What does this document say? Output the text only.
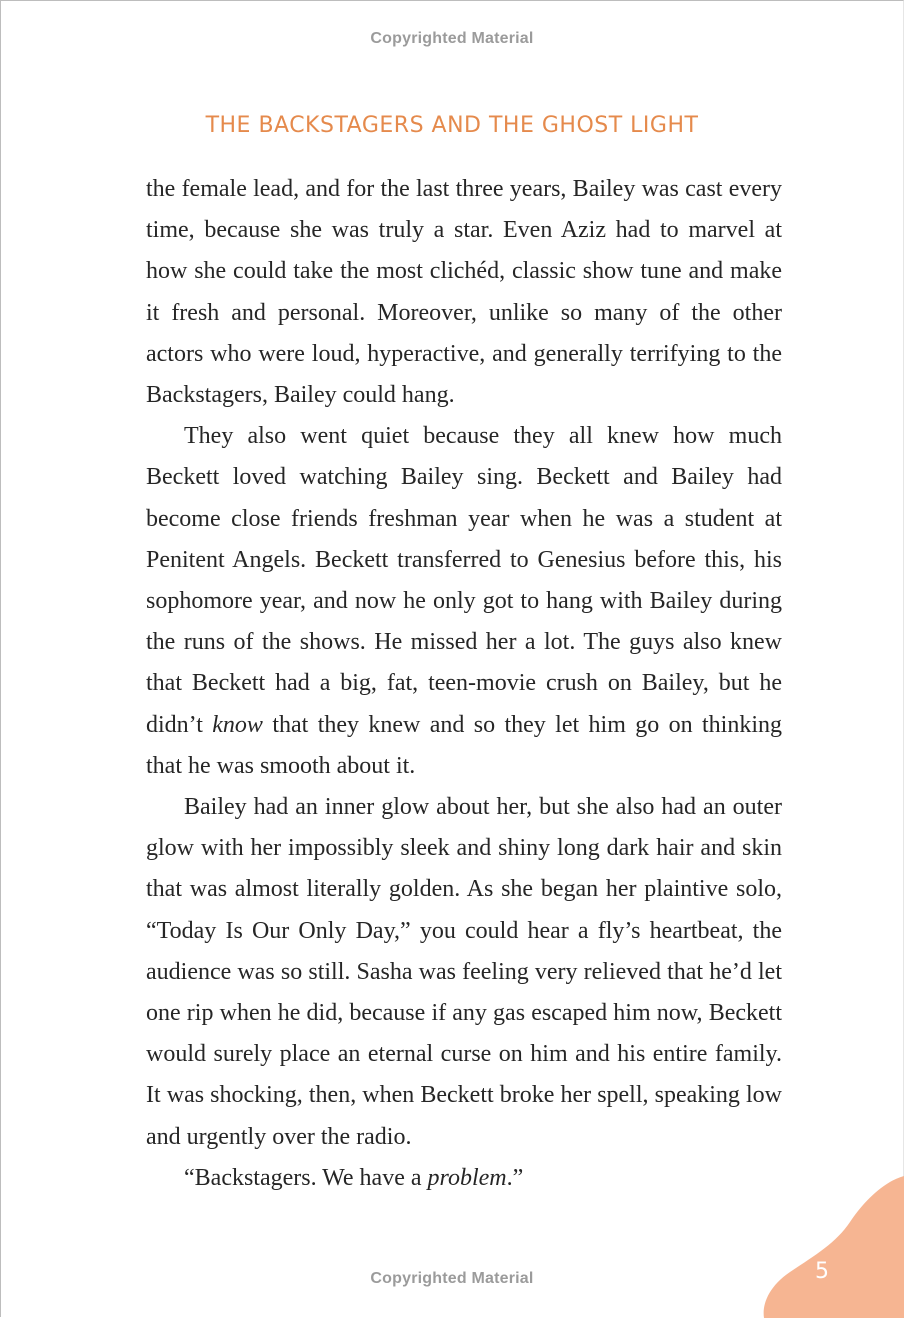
Copyrighted Material
THE BACKSTAGERS AND THE GHOST LIGHT

the female lead, and for the last three years, Bailey was cast every time, because she was truly a star. Even Aziz had to marvel at how she could take the most clichéd, classic show tune and make it fresh and personal. Moreover, unlike so many of the other actors who were loud, hyperactive, and generally terrifying to the Backstagers, Bailey could hang.

They also went quiet because they all knew how much Beckett loved watching Bailey sing. Beckett and Bailey had become close friends freshman year when he was a student at Penitent Angels. Beckett transferred to Genesius before this, his sophomore year, and now he only got to hang with Bailey during the runs of the shows. He missed her a lot. The guys also knew that Beckett had a big, fat, teen-movie crush on Bailey, but he didn’t know that they knew and so they let him go on thinking that he was smooth about it.

Bailey had an inner glow about her, but she also had an outer glow with her impossibly sleek and shiny long dark hair and skin that was almost literally golden. As she began her plaintive solo, “Today Is Our Only Day,” you could hear a fly’s heartbeat, the audience was so still. Sasha was feeling very relieved that he’d let one rip when he did, because if any gas escaped him now, Beckett would surely place an eternal curse on him and his entire family. It was shocking, then, when Beckett broke her spell, speaking low and urgently over the radio.

“Backstagers. We have a problem.”

5
Copyrighted Material
